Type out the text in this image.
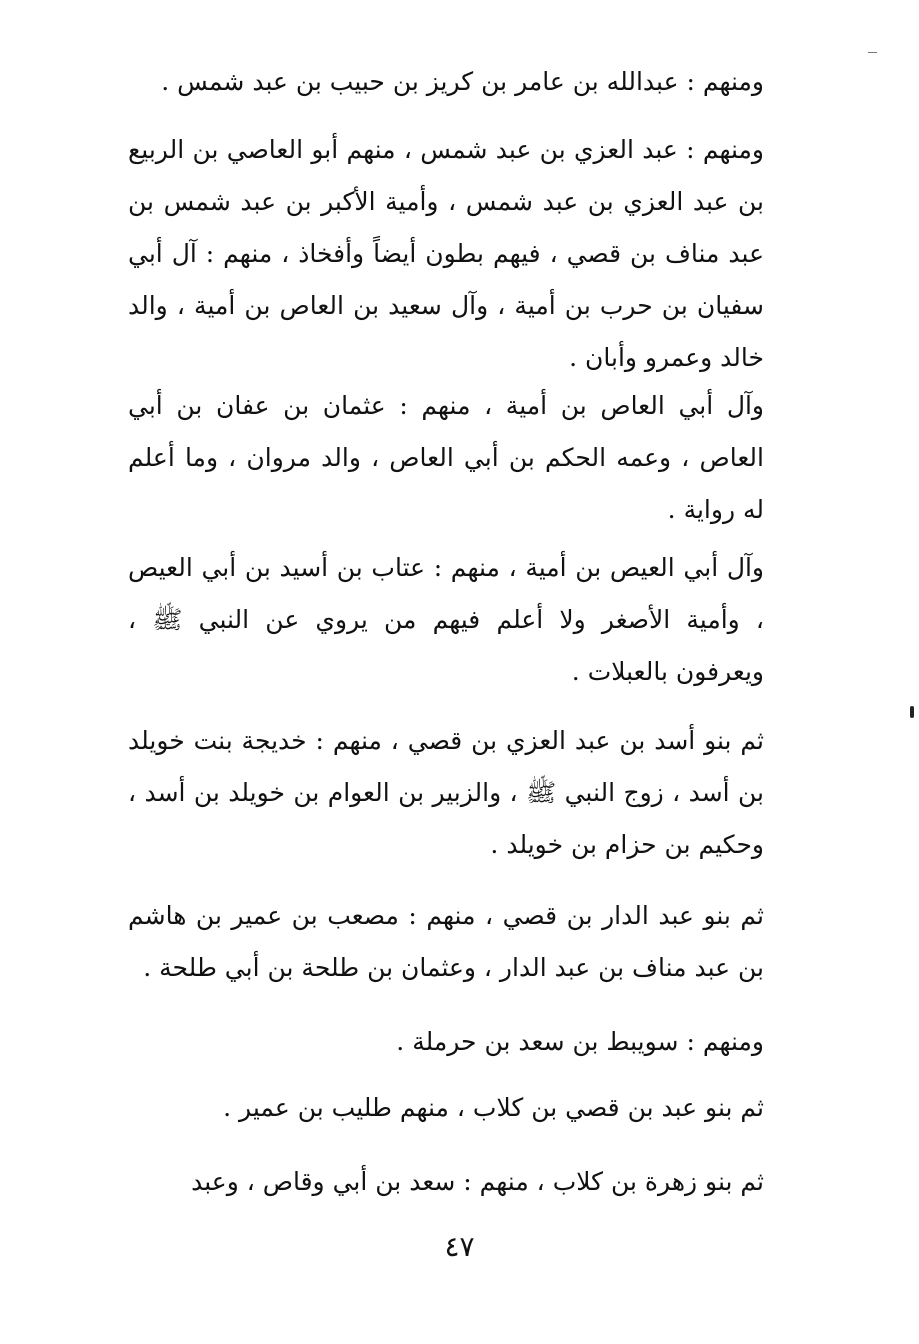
ومنهم : عبدالله بن عامر بن كريز بن حبيب بن عبد شمس .

ومنهم : عبد العزي بن عبد شمس ، منهم أبو العاصي بن الربيع بن عبد العزي بن عبد شمس ، وأمية الأكبر بن عبد شمس بن عبد مناف بن قصي ، فيهم بطون أيضاً وأفخاذ ، منهم : آل أبي سفيان بن حرب بن أمية ، وآل سعيد بن العاص بن أمية ، والد خالد وعمرو وأبان .

وآل أبي العاص بن أمية ، منهم : عثمان بن عفان بن أبي العاص ، وعمه الحكم بن أبي العاص ، والد مروان ، وما أعلم له رواية .

وآل أبي العيص بن أمية ، منهم : عتاب بن أسيد بن أبي العيص ، وأمية الأصغر ولا أعلم فيهم من يروي عن النبي ﷺ ، ويعرفون بالعبلات .

ثم بنو أسد بن عبد العزي بن قصي ، منهم : خديجة بنت خويلد بن أسد ، زوج النبي ﷺ ، والزبير بن العوام بن خويلد بن أسد ، وحكيم بن حزام بن خويلد .

ثم بنو عبد الدار بن قصي ، منهم : مصعب بن عمير بن هاشم بن عبد مناف بن عبد الدار ، وعثمان بن طلحة بن أبي طلحة .

ومنهم : سويبط بن سعد بن حرملة .

ثم بنو عبد بن قصي بن كلاب ، منهم طليب بن عمير .

ثم بنو زهرة بن كلاب ، منهم : سعد بن أبي وقاص ، وعبد

٤٧
